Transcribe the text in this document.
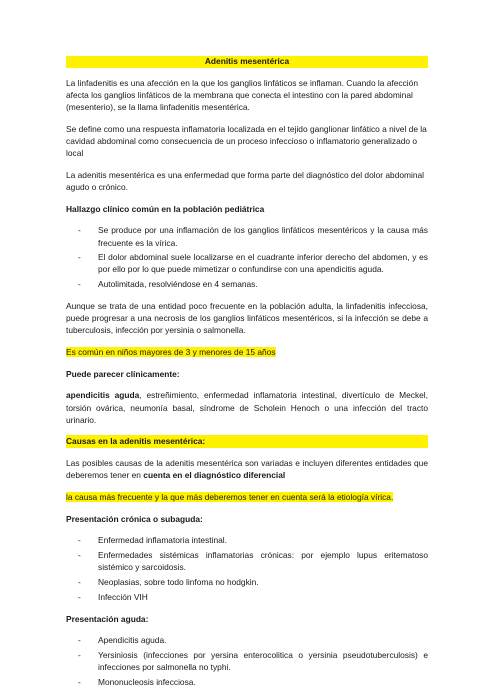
Adenitis mesentérica

La linfadenitis es una afección en la que los ganglios linfáticos se inflaman. Cuando la afección afecta los ganglios linfáticos de la membrana que conecta el intestino con la pared abdominal (mesenterio), se la llama linfadenitis mesentérica.

Se define como una respuesta inflamatoria localizada en el tejido ganglionar linfático a nivel de la cavidad abdominal como consecuencia de un proceso infeccioso o inflamatorio generalizado o local

La adenitis mesentérica es una enfermedad que forma parte del diagnóstico del dolor abdominal agudo o crónico.

Hallazgo clínico común en la población pediátrica
- Se produce por una inflamación de los ganglios linfáticos mesentéricos y la causa más frecuente es la vírica.
- El dolor abdominal suele localizarse en el cuadrante inferior derecho del abdomen, y es por ello por lo que puede mimetizar o confundirse con una apendicitis aguda.
- Autolimitada, resolviéndose en 4 semanas.

Aunque se trata de una entidad poco frecuente en la población adulta, la linfadenitis infecciosa, puede progresar a una necrosis de los ganglios linfáticos mesentéricos, si la infección se debe a tuberculosis, infección por yersinia o salmonella.

Es común en niños mayores de 3 y menores de 15 años

Puede parecer clínicamente:

apendicitis aguda, estreñimiento, enfermedad inflamatoria intestinal, divertículo de Meckel, torsión ovárica, neumonía basal, síndrome de Scholein Henoch o una infección del tracto urinario.

Causas en la adenitis mesentérica:

Las posibles causas de la adenitis mesentérica son variadas e incluyen diferentes entidades que deberemos tener en cuenta en el diagnóstico diferencial

la causa más frecuente y la que más deberemos tener en cuenta será la etiología vírica.

Presentación crónica o subaguda:
- Enfermedad inflamatoria intestinal.
- Enfermedades sistémicas inflamatorias crónicas: por ejemplo lupus eritematoso sistémico y sarcoidosis.
- Neoplasias, sobre todo linfoma no hodgkin.
- Infección VIH
Presentación aguda:
- Apendicitis aguda.
- Yersiniosis (infecciones por yersina enterocolitica o yersinia pseudotuberculosis) e infecciones por salmonella no typhi.
- Mononucleosis infecciosa.
